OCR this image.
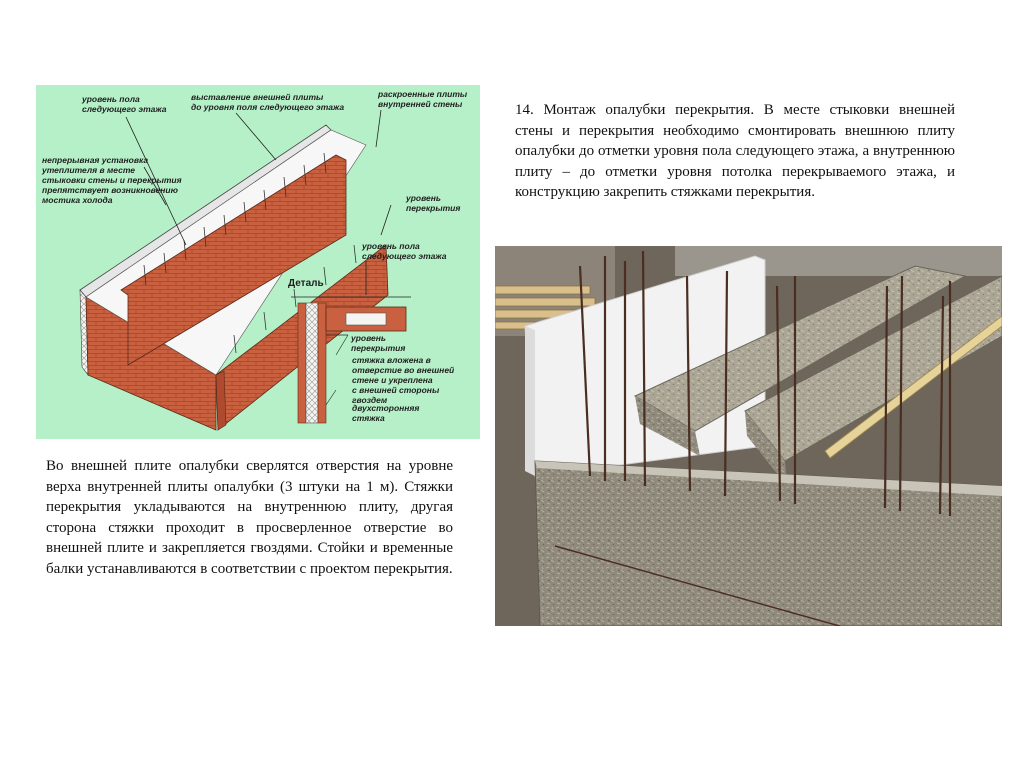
уровень пола
следующего этажа
выставление внешней плиты
до уровня поля следующего этажа
раскроенные плиты
внутренней стены
непрерывная установка
утеплителя в месте
стыковки стены и перекрытия
препятствует возникновению
мостика холода	уровень
перекрытия
уровень пола
следующего этажа
Деталь
уровень
перекрытия
стяжка вложена в
отверстие во внешней
стене и укреплена
с внешней стороны
гвоздем
двухсторонняя
стяжка

14. Монтаж опалубки перекрытия. В месте стыковки внешней стены и перекрытия необходимо смонтировать внешнюю плиту опалубки до отметки уровня пола следующего этажа, а внутреннюю плиту – до отметки уровня потолка перекрываемого этажа, и конструкцию закрепить стяжками перекрытия.

Во внешней плите опалубки сверлятся отверстия на уровне верха внутренней плиты опалубки (3 штуки на 1 м). Стяжки перекрытия укладываются на внутреннюю плиту, другая сторона стяжки проходит в просверленное отверстие во внешней плите и закрепляется гвоздями. Стойки и временные балки устанавливаются в соответствии с проектом перекрытия.
